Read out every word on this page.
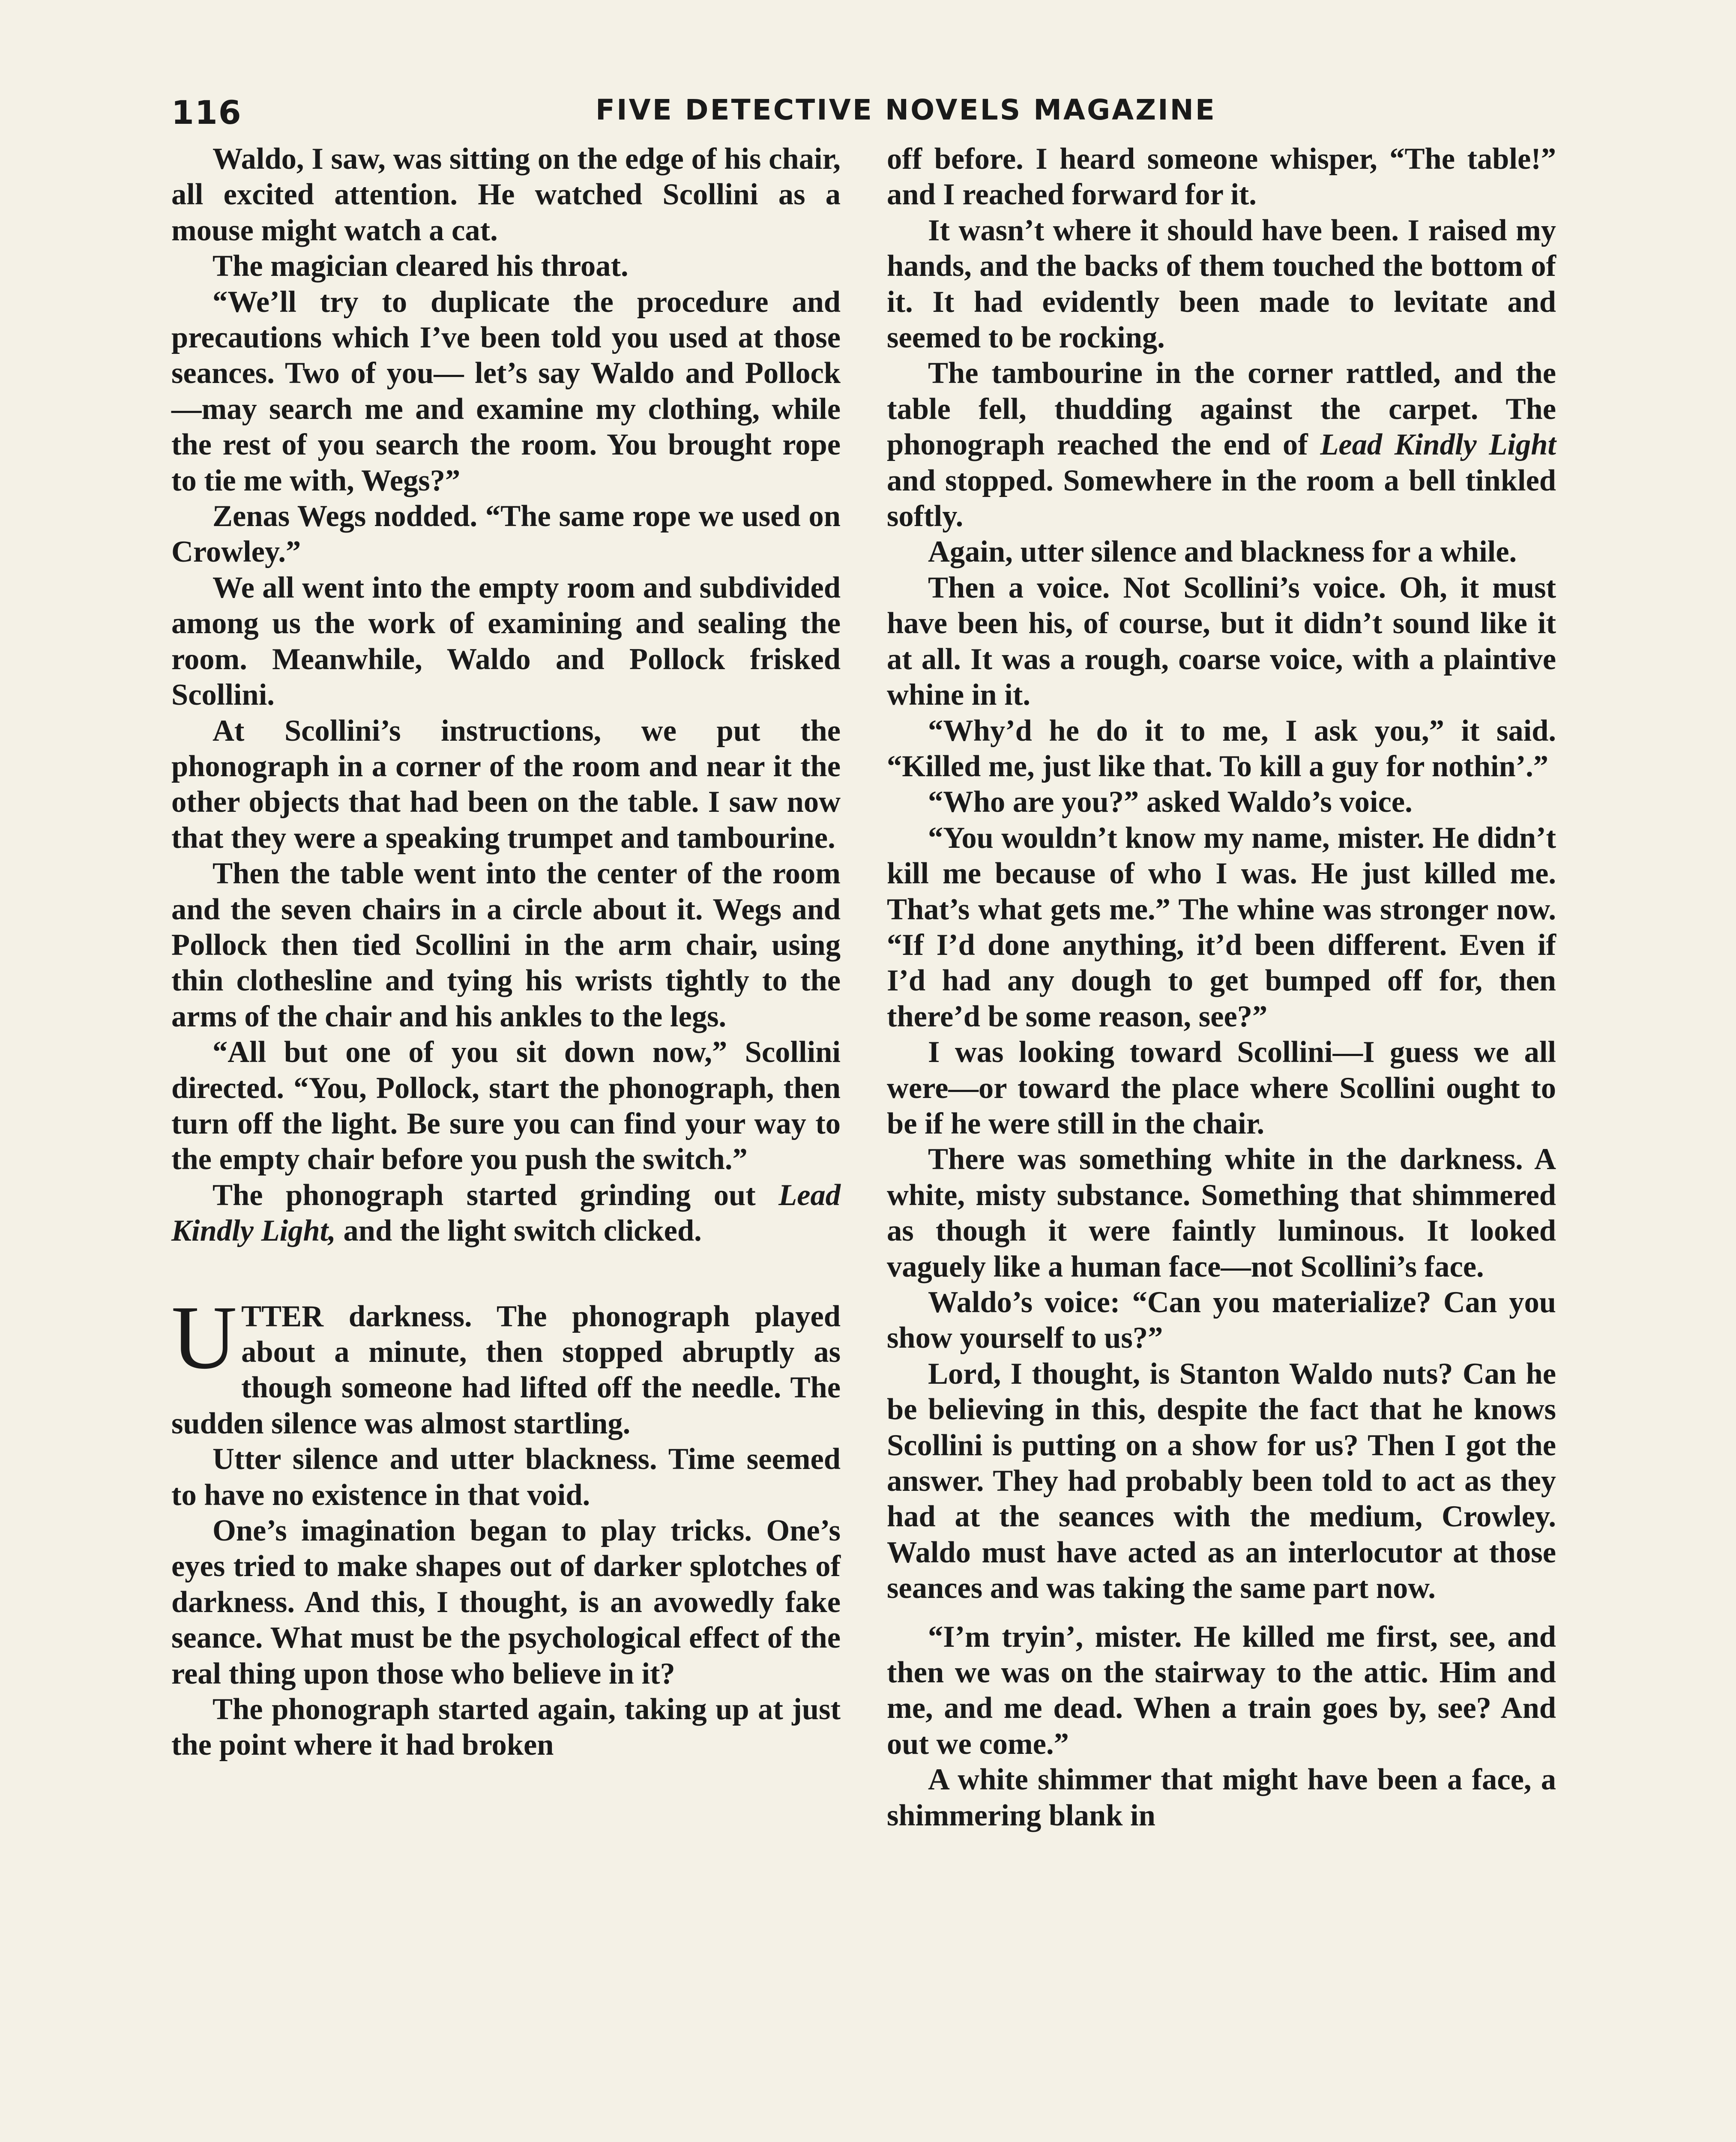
116	FIVE DETECTIVE NOVELS MAGAZINE

Waldo, I saw, was sitting on the edge of his chair, all excited attention. He watched Scollini as a mouse might watch a cat.

The magician cleared his throat.

“We’ll try to duplicate the procedure and precautions which I’ve been told you used at those seances. Two of you— let’s say Waldo and Pollock—may search me and examine my clothing, while the rest of you search the room. You brought rope to tie me with, Wegs?”

Zenas Wegs nodded. “The same rope we used on Crowley.”

We all went into the empty room and subdivided among us the work of examining and sealing the room. Meanwhile, Waldo and Pollock frisked Scollini.

At Scollini’s instructions, we put the phonograph in a corner of the room and near it the other objects that had been on the table. I saw now that they were a speaking trumpet and tambourine.

Then the table went into the center of the room and the seven chairs in a circle about it. Wegs and Pollock then tied Scollini in the arm chair, using thin clothesline and tying his wrists tightly to the arms of the chair and his ankles to the legs.

“All but one of you sit down now,” Scollini directed. “You, Pollock, start the phonograph, then turn off the light. Be sure you can find your way to the empty chair before you push the switch.”

The phonograph started grinding out Lead Kindly Light, and the light switch clicked.

UTTER darkness. The phonograph played about a minute, then stopped abruptly as though someone had lifted off the needle. The sudden silence was almost startling.

Utter silence and utter blackness. Time seemed to have no existence in that void.

One’s imagination began to play tricks. One’s eyes tried to make shapes out of darker splotches of darkness. And this, I thought, is an avowedly fake seance. What must be the psychological effect of the real thing upon those who believe in it?

The phonograph started again, taking up at just the point where it had broken

off before. I heard someone whisper, “The table!” and I reached forward for it.

It wasn’t where it should have been. I raised my hands, and the backs of them touched the bottom of it. It had evidently been made to levitate and seemed to be rocking.

The tambourine in the corner rattled, and the table fell, thudding against the carpet. The phonograph reached the end of Lead Kindly Light and stopped. Somewhere in the room a bell tinkled softly.

Again, utter silence and blackness for a while.

Then a voice. Not Scollini’s voice. Oh, it must have been his, of course, but it didn’t sound like it at all. It was a rough, coarse voice, with a plaintive whine in it.

“Why’d he do it to me, I ask you,” it said. “Killed me, just like that. To kill a guy for nothin’.”

“Who are you?” asked Waldo’s voice.

“You wouldn’t know my name, mister. He didn’t kill me because of who I was. He just killed me. That’s what gets me.” The whine was stronger now. “If I’d done anything, it’d been different. Even if I’d had any dough to get bumped off for, then there’d be some reason, see?”

I was looking toward Scollini—I guess we all were—or toward the place where Scollini ought to be if he were still in the chair.

There was something white in the darkness. A white, misty substance. Something that shimmered as though it were faintly luminous. It looked vaguely like a human face—not Scollini’s face.

Waldo’s voice: “Can you materialize? Can you show yourself to us?”

Lord, I thought, is Stanton Waldo nuts? Can he be believing in this, despite the fact that he knows Scollini is putting on a show for us? Then I got the answer. They had probably been told to act as they had at the seances with the medium, Crowley. Waldo must have acted as an interlocutor at those seances and was taking the same part now.

“I’m tryin’, mister. He killed me first, see, and then we was on the stairway to the attic. Him and me, and me dead. When a train goes by, see? And out we come.”

A white shimmer that might have been a face, a shimmering blank in
